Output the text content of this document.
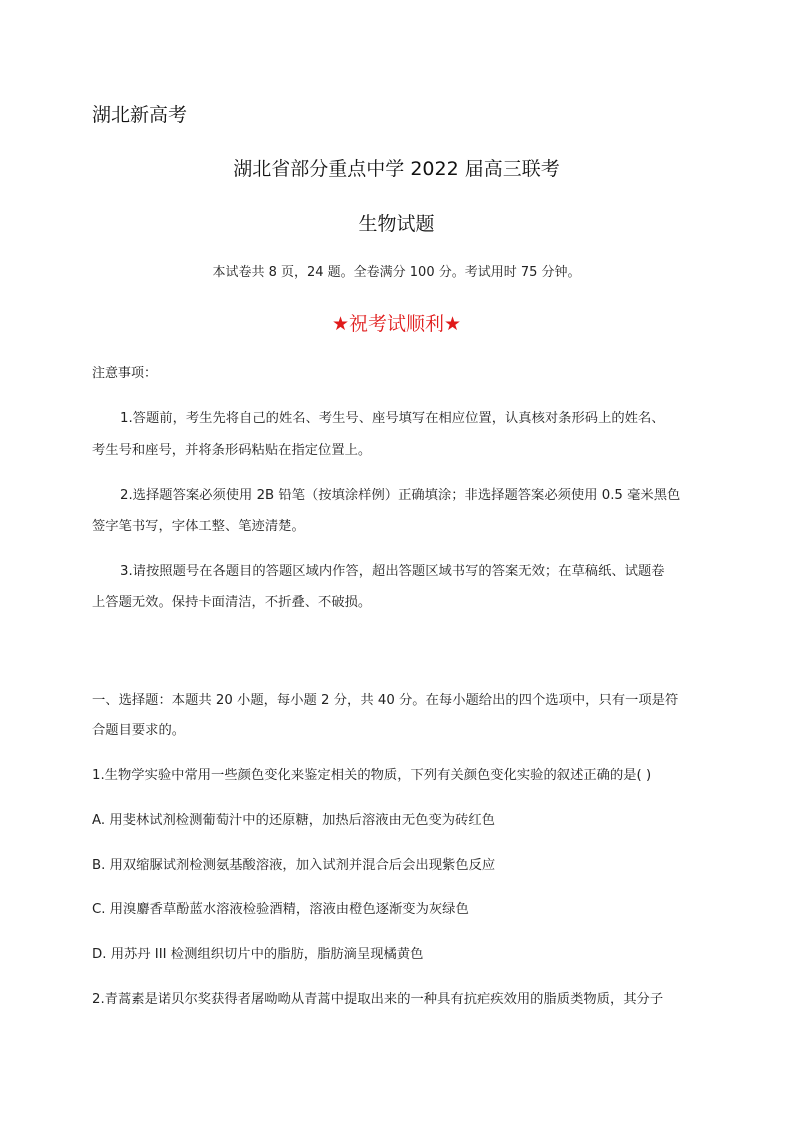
湖北新高考
湖北省部分重点中学 2022 届高三联考
生物试题
本试卷共 8 页，24 题。全卷满分 100 分。考试用时 75 分钟。
★祝考试顺利★
注意事项：
1.答题前，考生先将自己的姓名、考生号、座号填写在相应位置，认真核对条形码上的姓名、
考生号和座号，并将条形码粘贴在指定位置上。
2.选择题答案必须使用 2B 铅笔（按填涂样例）正确填涂；非选择题答案必须使用 0.5 毫米黑色
签字笔书写，字体工整、笔迹清楚。
3.请按照题号在各题目的答题区域内作答，超出答题区域书写的答案无效；在草稿纸、试题卷
上答题无效。保持卡面清洁，不折叠、不破损。
一、选择题：本题共 20 小题，每小题 2 分，共 40 分。在每小题给出的四个选项中，只有一项是符
合题目要求的。
1.生物学实验中常用一些颜色变化来鉴定相关的物质，下列有关颜色变化实验的叙述正确的是( )
A. 用斐林试剂检测葡萄汁中的还原糖，加热后溶液由无色变为砖红色
B. 用双缩脲试剂检测氨基酸溶液，加入试剂并混合后会出现紫色反应
C. 用溴麝香草酚蓝水溶液检验酒精，溶液由橙色逐渐变为灰绿色
D. 用苏丹 III 检测组织切片中的脂肪，脂肪滴呈现橘黄色
2.青蒿素是诺贝尔奖获得者屠呦呦从青蒿中提取出来的一种具有抗疟疾效用的脂质类物质，其分子
